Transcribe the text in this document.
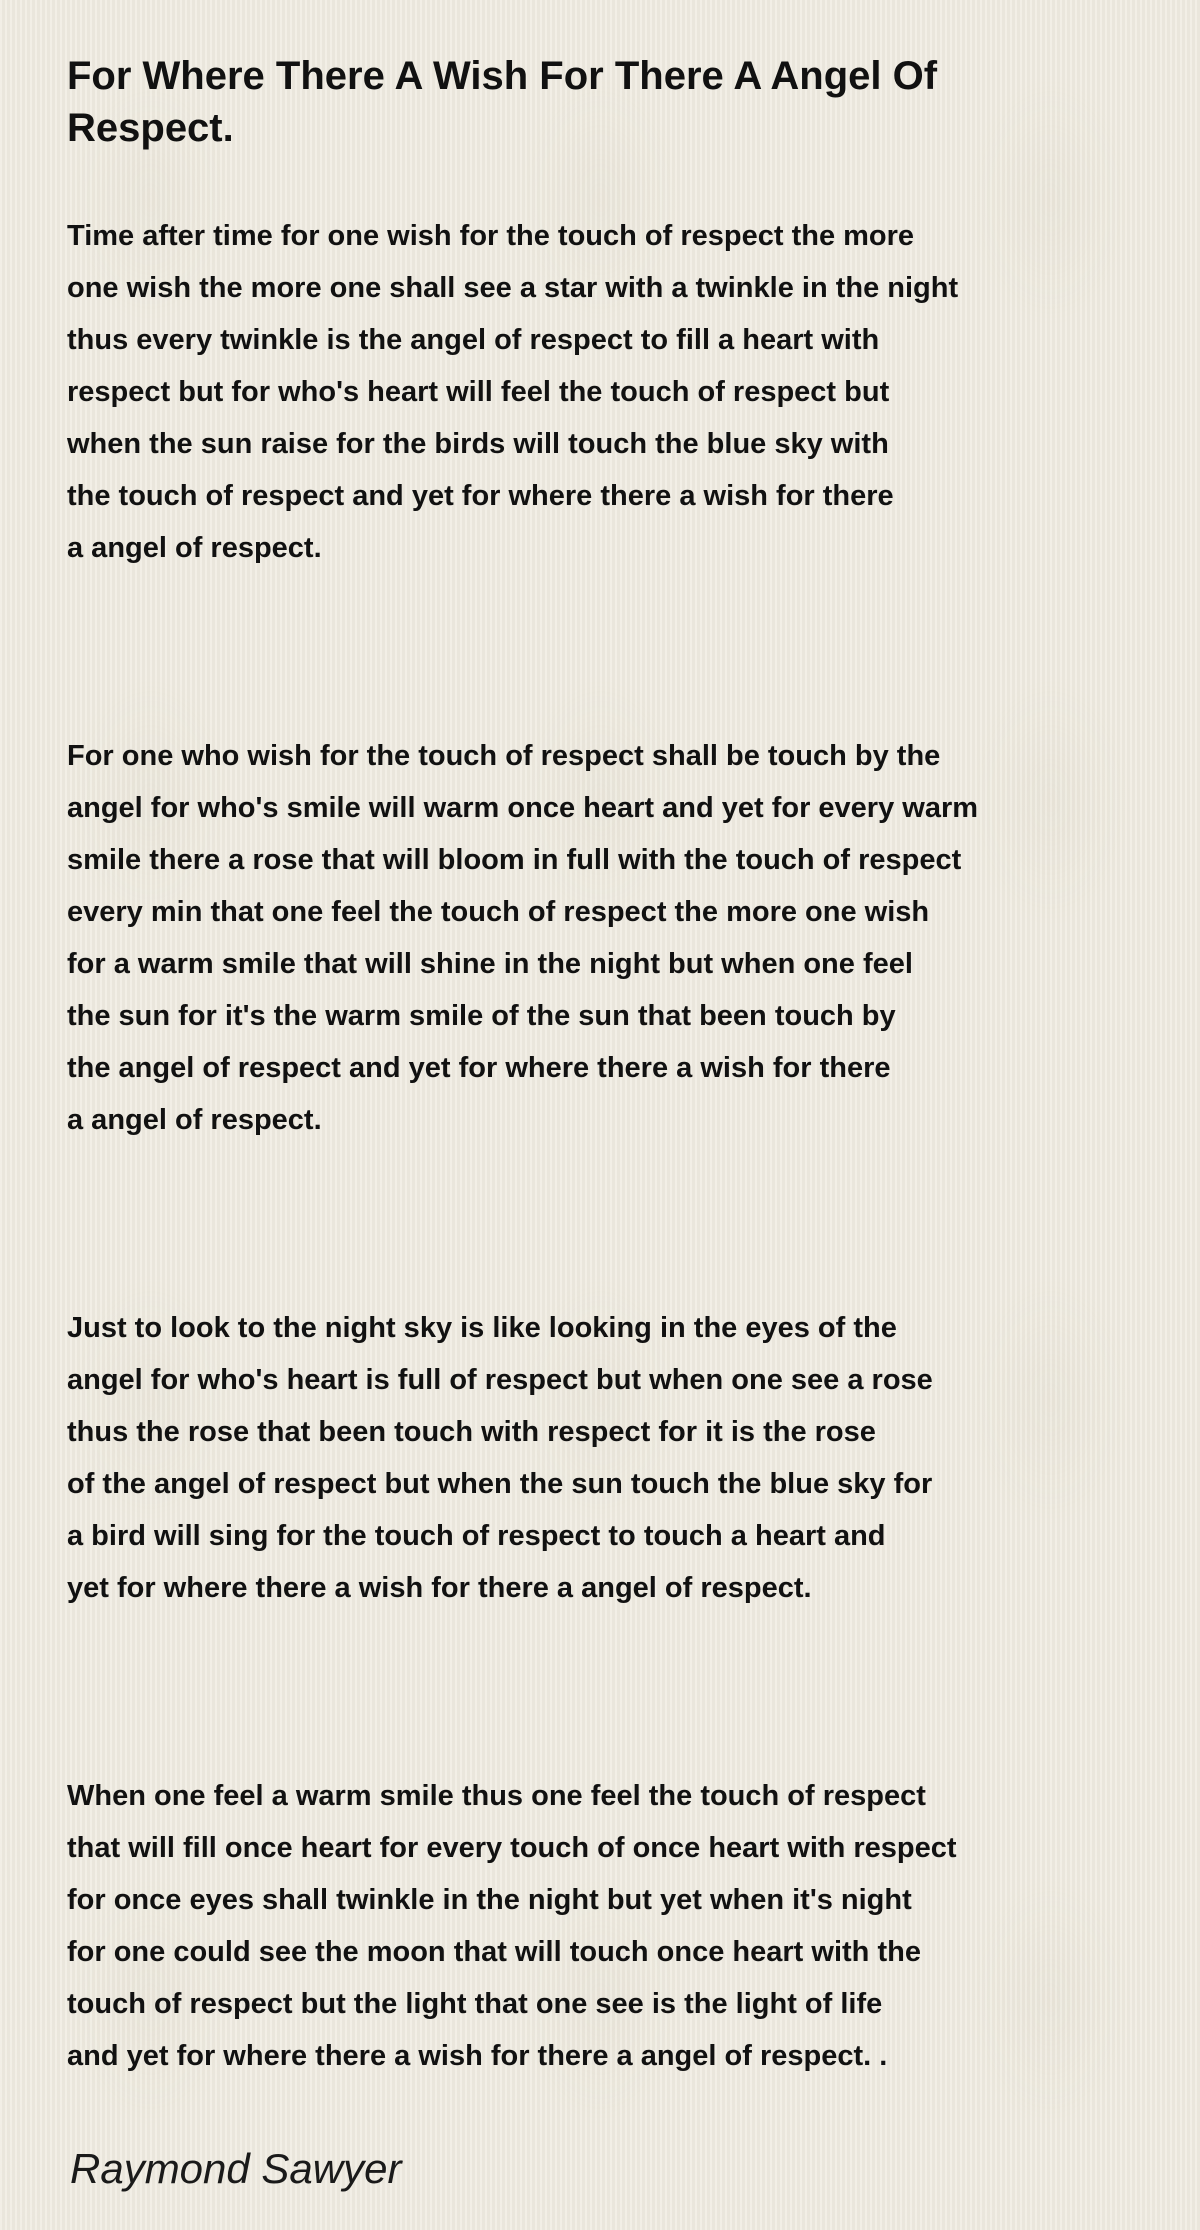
For Where There A Wish For There A Angel Of Respect.
Time after time for one wish for the touch of respect the more
one wish the more one shall see a star with a twinkle in the night
thus every twinkle is the angel of respect to fill a heart with
respect but for who's heart will feel the touch of respect but
when the sun raise for the birds will touch the blue sky with
the touch of respect and yet for where there a wish for there
a angel of respect.
For one who wish for the touch of respect shall be touch by the
angel for who's smile will warm once heart and yet for every warm
smile there a rose that will bloom in full with the touch of respect
every min that one feel the touch of respect the more one wish
for a warm smile that will shine in the night but when one feel
the sun for it's the warm smile of the sun that been touch by
the angel of respect and yet for where there a wish for there
a angel of respect.
Just to look to the night sky is like looking in the eyes of the
angel for who's heart is full of respect but when one see a rose
thus the rose that been touch with respect for it is the rose
of the angel of respect but when the sun touch the blue sky for
a bird will sing for the touch of respect to touch a heart and
yet for where there a wish for there a angel of respect.
When one feel a warm smile thus one feel the touch of respect
that will fill once heart for every touch of once heart with respect
for once eyes shall twinkle in the night but yet when it's night
for one could see the moon that will touch once heart with the
touch of respect but the light that one see is the light of life
and yet for where there a wish for there a angel of respect. .
Raymond Sawyer
